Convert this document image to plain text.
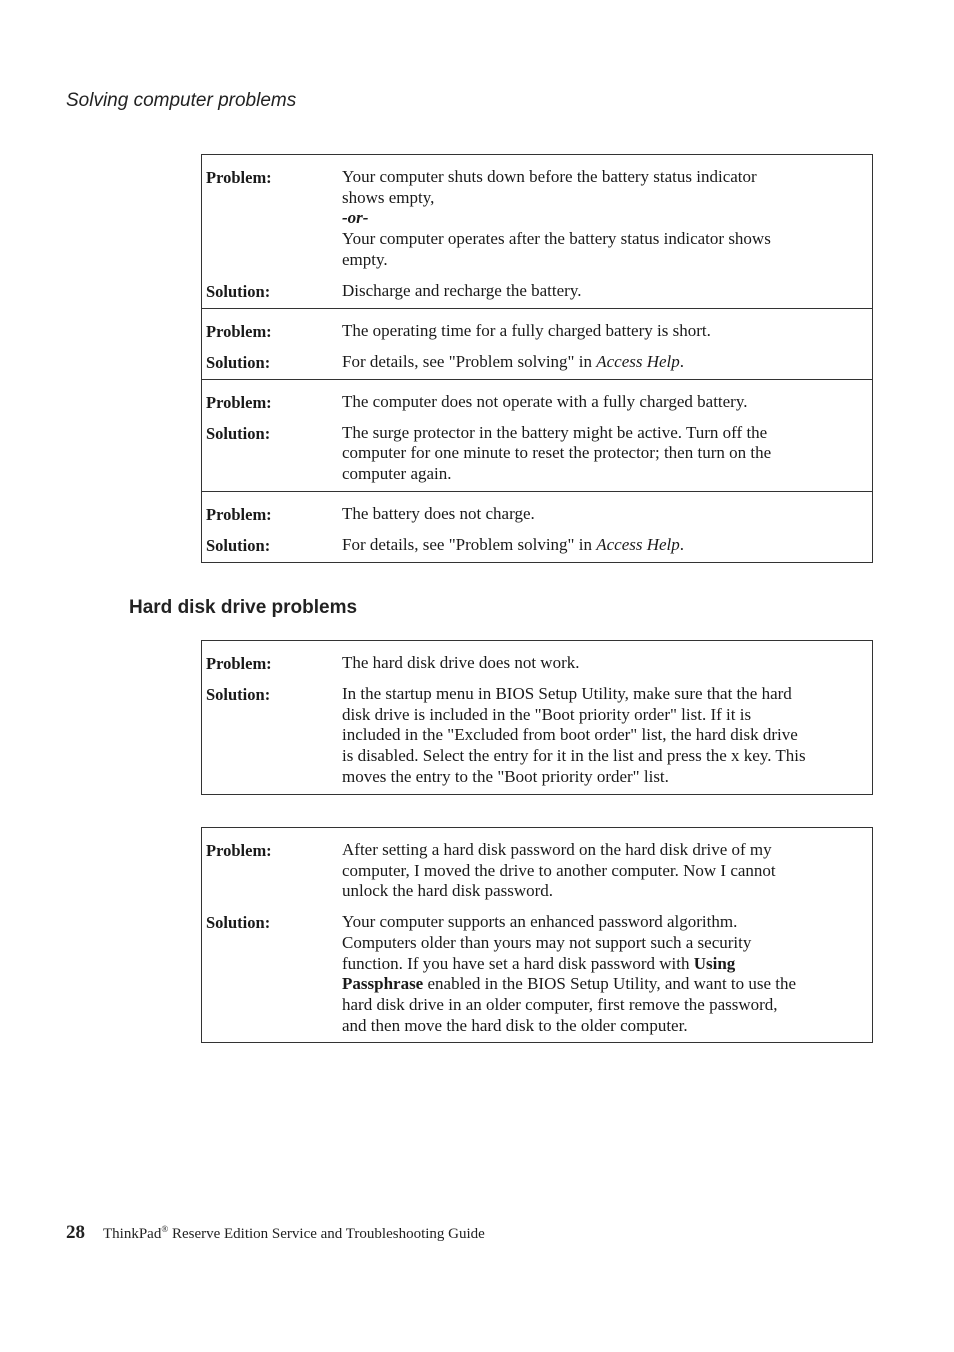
Solving computer problems
Problem:	Your computer shuts down before the battery status indicator
shows empty,
-or-
Your computer operates after the battery status indicator shows
empty.
Solution:	Discharge and recharge the battery.
Problem:	The operating time for a fully charged battery is short.
Solution:	For details, see "Problem solving" in Access Help.
Problem:	The computer does not operate with a fully charged battery.
Solution:	The surge protector in the battery might be active. Turn off the
computer for one minute to reset the protector; then turn on the
computer again.
Problem:	The battery does not charge.
Solution:	For details, see "Problem solving" in Access Help.
Hard disk drive problems
Problem:	The hard disk drive does not work.
Solution:	In the startup menu in BIOS Setup Utility, make sure that the hard
disk drive is included in the "Boot priority order" list. If it is
included in the "Excluded from boot order" list, the hard disk drive
is disabled. Select the entry for it in the list and press the x key. This
moves the entry to the "Boot priority order" list.
Problem:	After setting a hard disk password on the hard disk drive of my
computer, I moved the drive to another computer. Now I cannot
unlock the hard disk password.
Solution:	Your computer supports an enhanced password algorithm.
Computers older than yours may not support such a security
function. If you have set a hard disk password with Using
Passphrase enabled in the BIOS Setup Utility, and want to use the
hard disk drive in an older computer, first remove the password,
and then move the hard disk to the older computer.
28 ThinkPad® Reserve Edition Service and Troubleshooting Guide
